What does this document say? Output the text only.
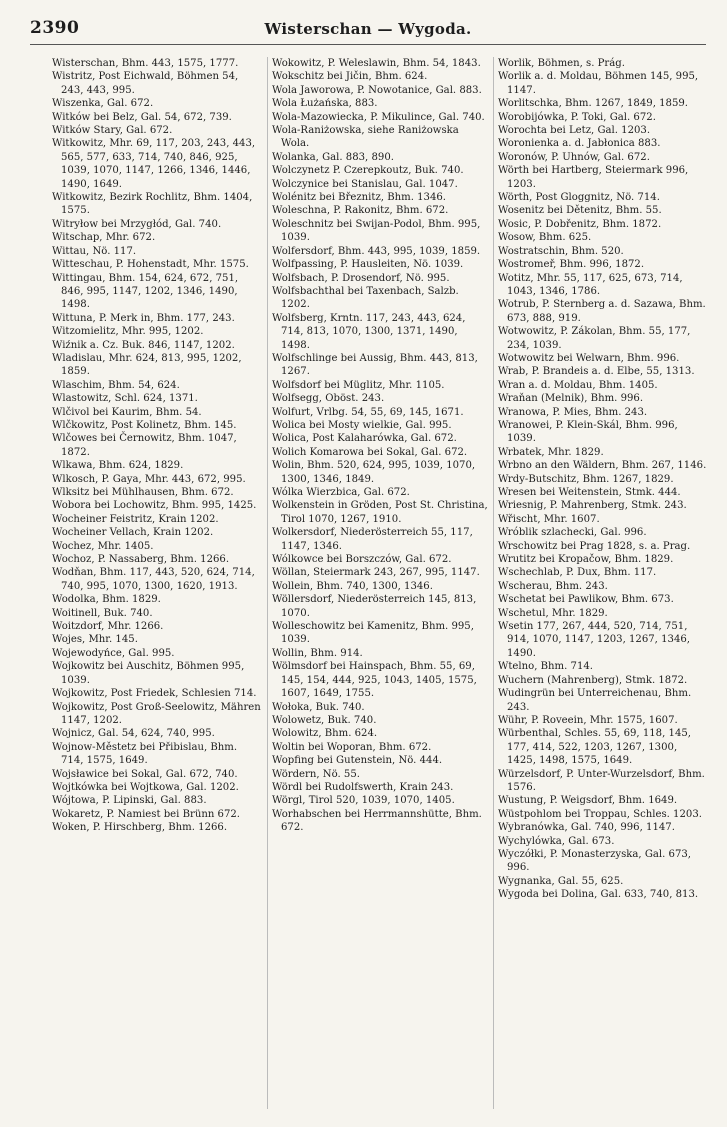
2390	Wisterschan — Wygoda.

Wisterschan, Bhm. 443, 1575, 1777.

Wistritz, Post Eichwald, Böhmen 54, 243, 443, 995.

Wiszenka, Gal. 672.

Witków bei Belz, Gal. 54, 672, 739.

Witków Stary, Gal. 672.

Witkowitz, Mhr. 69, 117, 203, 243, 443, 565, 577, 633, 714, 740, 846, 925, 1039, 1070, 1147, 1266, 1346, 1446, 1490, 1649.

Witkowitz, Bezirk Rochlitz, Bhm. 1404, 1575.

Witryłow bei Mrzygłód, Gal. 740.

Witschap, Mhr. 672.

Wittau, Nö. 117.

Witteschau, P. Hohenstadt, Mhr. 1575.

Wittingau, Bhm. 154, 624, 672, 751, 846, 995, 1147, 1202, 1346, 1490, 1498.

Wittuna, P. Merk in, Bhm. 177, 243.

Witzomielitz, Mhr. 995, 1202.

Wiźnik a. Cz. Buk. 846, 1147, 1202.

Wladislau, Mhr. 624, 813, 995, 1202, 1859.

Wlaschim, Bhm. 54, 624.

Wlastowitz, Schl. 624, 1371.

Wlčivol bei Kaurim, Bhm. 54.

Wlčkowitz, Post Kolinetz, Bhm. 145.

Wlčowes bei Černowitz, Bhm. 1047, 1872.

Wlkawa, Bhm. 624, 1829.

Wlkosch, P. Gaya, Mhr. 443, 672, 995.

Wlksitz bei Mühlhausen, Bhm. 672.

Wobora bei Lochowitz, Bhm. 995, 1425.

Wocheiner Feistritz, Krain 1202.

Wocheiner Vellach, Krain 1202.

Wochez, Mhr. 1405.

Wochoz, P. Nassaberg, Bhm. 1266.

Wodňan, Bhm. 117, 443, 520, 624, 714, 740, 995, 1070, 1300, 1620, 1913.

Wodolka, Bhm. 1829.

Woitinell, Buk. 740.

Woitzdorf, Mhr. 1266.

Wojes, Mhr. 145.

Wojewodyńce, Gal. 995.

Wojkowitz bei Auschitz, Böhmen 995, 1039.

Wojkowitz, Post Friedek, Schlesien 714.

Wojkowitz, Post Groß-Seelowitz, Mähren 1147, 1202.

Wojnicz, Gal. 54, 624, 740, 995.

Wojnow-Městetz bei Přibislau, Bhm. 714, 1575, 1649.

Wojsławice bei Sokal, Gal. 672, 740.

Wojtkówka bei Wojtkowa, Gal. 1202.

Wójtowa, P. Lipinski, Gal. 883.

Wokaretz, P. Namiest bei Brünn 672.

Woken, P. Hirschberg, Bhm. 1266.

Wokowitz, P. Weleslawin, Bhm. 54, 1843.

Wokschitz bei Jičin, Bhm. 624.

Wola Jaworowa, P. Nowotanice, Gal. 883.

Wola Łużańska, 883.

Wola-Mazowiecka, P. Mikulince, Gal. 740.

Wola-Raniżowska, siehe Raniżowska Wola.

Wolanka, Gal. 883, 890.

Wolczynetz P. Czerepkoutz, Buk. 740.

Wolczynice bei Stanislau, Gal. 1047.

Wolénitz bei Březnitz, Bhm. 1346.

Woleschna, P. Rakonitz, Bhm. 672.

Woleschnitz bei Swijan-Podol, Bhm. 995, 1039.

Wolfersdorf, Bhm. 443, 995, 1039, 1859.

Wolfpassing, P. Hausleiten, Nö. 1039.

Wolfsbach, P. Drosendorf, Nö. 995.

Wolfsbachthal bei Taxenbach, Salzb. 1202.

Wolfsberg, Krntn. 117, 243, 443, 624, 714, 813, 1070, 1300, 1371, 1490, 1498.

Wolfschlinge bei Aussig, Bhm. 443, 813, 1267.

Wolfsdorf bei Müglitz, Mhr. 1105.

Wolfsegg, Oböst. 243.

Wolfurt, Vrlbg. 54, 55, 69, 145, 1671.

Wolica bei Mosty wielkie, Gal. 995.

Wolica, Post Kalaharówka, Gal. 672.

Wolich Komarowa bei Sokal, Gal. 672.

Wolin, Bhm. 520, 624, 995, 1039, 1070, 1300, 1346, 1849.

Wólka Wierzbica, Gal. 672.

Wolkenstein in Gröden, Post St. Christina, Tirol 1070, 1267, 1910.

Wolkersdorf, Niederösterreich 55, 117, 1147, 1346.

Wólkowce bei Borszczów, Gal. 672.

Wöllan, Steiermark 243, 267, 995, 1147.

Wollein, Bhm. 740, 1300, 1346.

Wöllersdorf, Niederösterreich 145, 813, 1070.

Wolleschowitz bei Kamenitz, Bhm. 995, 1039.

Wollin, Bhm. 914.

Wölmsdorf bei Hainspach, Bhm. 55, 69, 145, 154, 444, 925, 1043, 1405, 1575, 1607, 1649, 1755.

Wołoka, Buk. 740.

Wolowetz, Buk. 740.

Wolowitz, Bhm. 624.

Woltin bei Woporan, Bhm. 672.

Wopfing bei Gutenstein, Nö. 444.

Wördern, Nö. 55.

Wördl bei Rudolfswerth, Krain 243.

Wörgl, Tirol 520, 1039, 1070, 1405.

Worhabschen bei Herrmannshütte, Bhm. 672.

Worlik, Böhmen, s. Prág.

Worlik a. d. Moldau, Böhmen 145, 995, 1147.

Worlitschka, Bhm. 1267, 1849, 1859.

Worobijówka, P. Toki, Gal. 672.

Worochta bei Letz, Gal. 1203.

Woronienka a. d. Jabłonica 883.

Woronów, P. Uhnów, Gal. 672.

Wörth bei Hartberg, Steiermark 996, 1203.

Wörth, Post Gloggnitz, Nö. 714.

Wosenitz bei Dětenitz, Bhm. 55.

Wosic, P. Dobřenitz, Bhm. 1872.

Wosow, Bhm. 625.

Wostratschin, Bhm. 520.

Wostromeř, Bhm. 996, 1872.

Wotitz, Mhr. 55, 117, 625, 673, 714, 1043, 1346, 1786.

Wotrub, P. Sternberg a. d. Sazawa, Bhm. 673, 888, 919.

Wotwowitz, P. Zákolan, Bhm. 55, 177, 234, 1039.

Wotwowitz bei Welwarn, Bhm. 996.

Wrab, P. Brandeis a. d. Elbe, 55, 1313.

Wran a. d. Moldau, Bhm. 1405.

Wraňan (Melnik), Bhm. 996.

Wranowa, P. Mies, Bhm. 243.

Wranowei, P. Klein-Skál, Bhm. 996, 1039.

Wrbatek, Mhr. 1829.

Wrbno an den Wäldern, Bhm. 267, 1146.

Wrdy-Butschitz, Bhm. 1267, 1829.

Wresen bei Weitenstein, Stmk. 444.

Wriesnig, P. Mahrenberg, Stmk. 243.

Wřischt, Mhr. 1607.

Wróblik szlachecki, Gal. 996.

Wrschowitz bei Prag 1828, s. a. Prag.

Wrutitz bei Kropačow, Bhm. 1829.

Wschechlab, P. Dux, Bhm. 117.

Wscherau, Bhm. 243.

Wschetat bei Pawlikow, Bhm. 673.

Wschetul, Mhr. 1829.

Wsetin 177, 267, 444, 520, 714, 751, 914, 1070, 1147, 1203, 1267, 1346, 1490.

Wtelno, Bhm. 714.

Wuchern (Mahrenberg), Stmk. 1872.

Wudingrün bei Unterreichenau, Bhm. 243.

Wühr, P. Roveein, Mhr. 1575, 1607.

Würbenthal, Schles. 55, 69, 118, 145, 177, 414, 522, 1203, 1267, 1300, 1425, 1498, 1575, 1649.

Würzelsdorf, P. Unter-Wurzelsdorf, Bhm. 1576.

Wustung, P. Weigsdorf, Bhm. 1649.

Wüstpohlom bei Troppau, Schles. 1203.

Wybranówka, Gal. 740, 996, 1147.

Wychylówka, Gal. 673.

Wyczółki, P. Monasterzyska, Gal. 673, 996.

Wygnanka, Gal. 55, 625.

Wygoda bei Dolina, Gal. 633, 740, 813.
